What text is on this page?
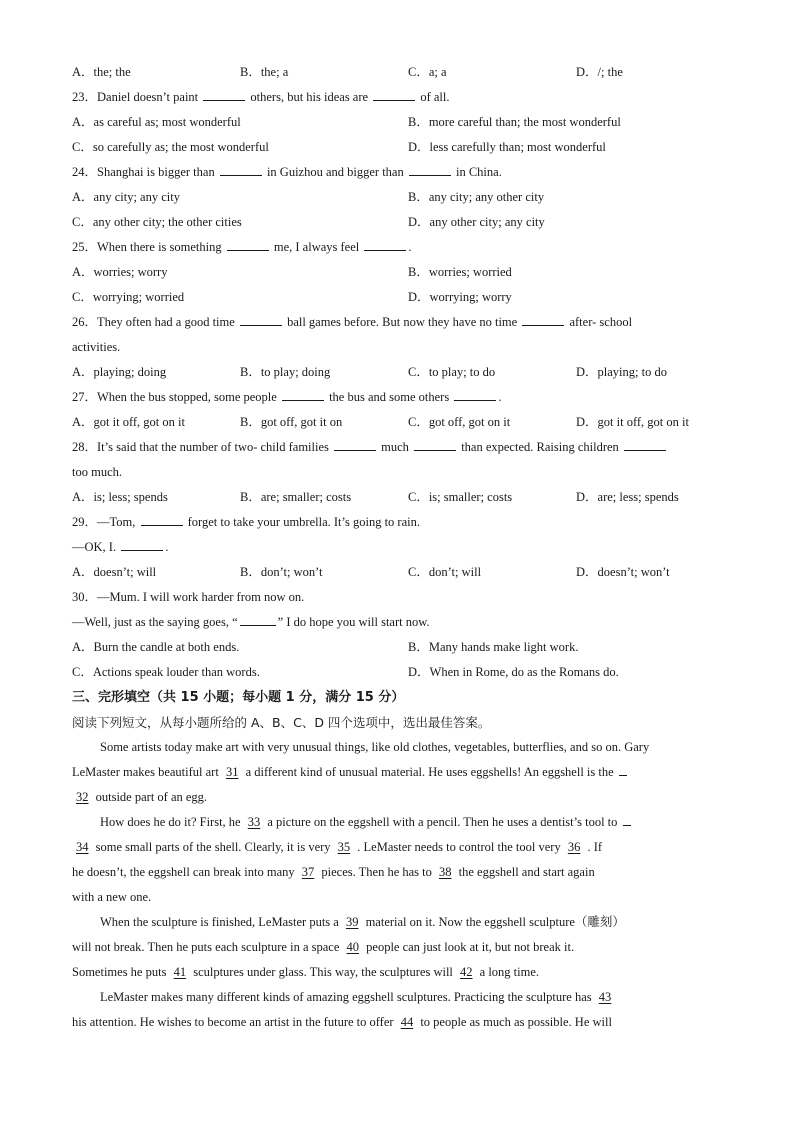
A．the; the	B．the; a	C．a; a	D．/; the
23．Daniel doesn’t paint	others, but his ideas are	of all.
A．as careful as; most wonderful	B．more careful than; the most wonderful
C．so carefully as; the most wonderful	D．less carefully than; most wonderful
24．Shanghai is bigger than	in Guizhou and bigger than	in China.
A．any city; any city	B．any city; any other city
C．any other city; the other cities	D．any other city; any city
25．When there is something	me, I always feel	.
A．worries; worry	B．worries; worried
C．worrying; worried	D．worrying; worry
26．They often had a good time	ball games before. But now they have no time	after- school
activities.
A．playing; doing	B．to play; doing	C．to play; to do	D．playing; to do
27．When the bus stopped, some people	the bus and some others	.
A．got it off, got on it	B．got off, got it on	C．got off, got on it	D．got it off, got on it
28．It’s said that the number of two- child families	much	than expected. Raising children
too much.
A．is; less; spends	B．are; smaller; costs	C．is; smaller; costs	D．are; less; spends
29．—Tom,	forget to take your umbrella. It’s going to rain.
—OK, I.	.
A．doesn’t; will	B．don’t; won’t	C．don’t; will	D．doesn’t; won’t
30．—Mum. I will work harder from now on.
—Well, just as the saying goes, “	” I do hope you will start now.
A．Burn the candle at both ends.	B．Many hands make light work.
C．Actions speak louder than words.	D．When in Rome, do as the Romans do.
三、完形填空（共 15 小题；每小题 1 分，满分 15 分）
阅读下列短文，从每小题所给的 A、B、C、D 四个选项中，选出最佳答案。
Some artists today make art with very unusual things, like old clothes, vegetables, butterflies, and so on. Gary
LeMaster makes beautiful art 31 a different kind of unusual material. He uses eggshells! An eggshell is the
32 outside part of an egg.
How does he do it? First, he 33 a picture on the eggshell with a pencil. Then he uses a dentist’s tool to
34 some small parts of the shell. Clearly, it is very 35 . LeMaster needs to control the tool very 36 . If
he doesn’t, the eggshell can break into many 37 pieces. Then he has to 38 the eggshell and start again
with a new one.
When the sculpture is finished, LeMaster puts a 39 material on it. Now the eggshell sculpture（雕刻）
will not break. Then he puts each sculpture in a space 40 people can just look at it, but not break it.
Sometimes he puts 41 sculptures under glass. This way, the sculptures will 42 a long time.
LeMaster makes many different kinds of amazing eggshell sculptures. Practicing the sculpture has 43
his attention. He wishes to become an artist in the future to offer 44 to people as much as possible. He will
